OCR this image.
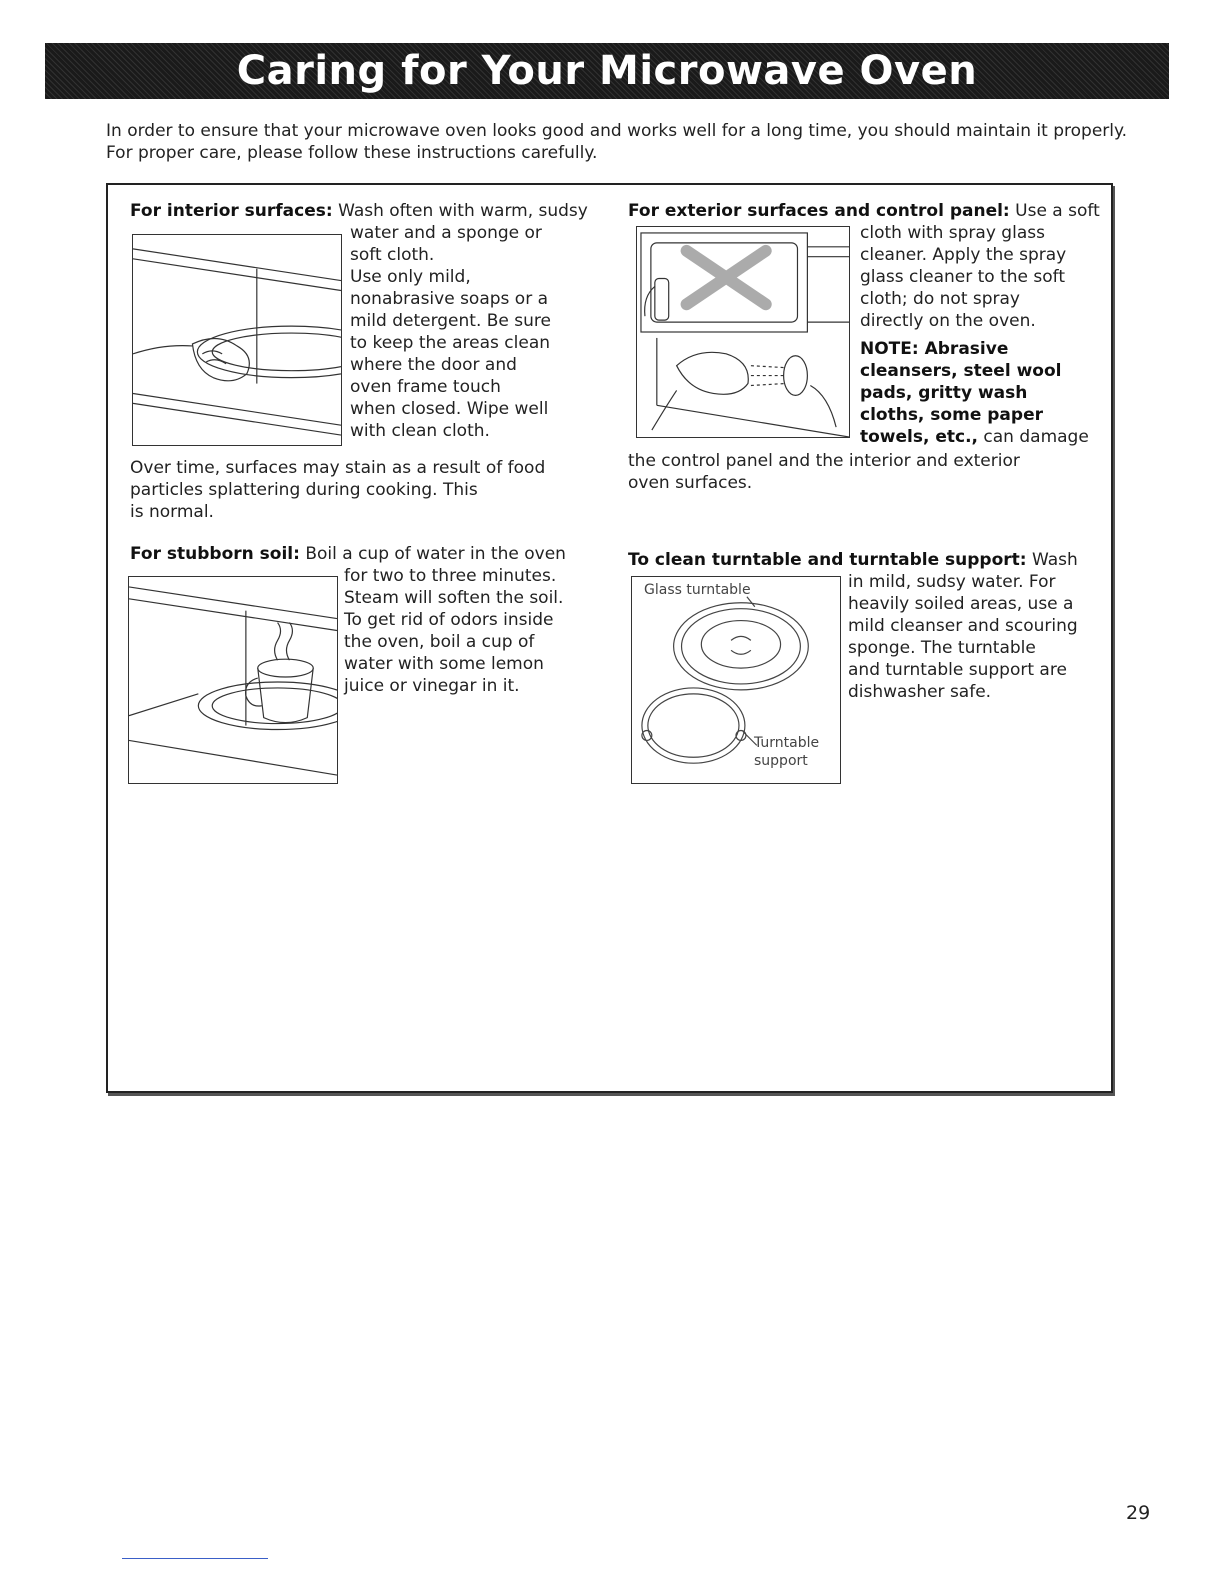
Caring for Your Microwave Oven

In order to ensure that your microwave oven looks good and works well for a long time, you should maintain it properly. For proper care, please follow these instructions carefully.

For interior surfaces: Wash often with warm, sudsy

water and a sponge or
soft cloth.
Use only mild,
nonabrasive soaps or a
mild detergent. Be sure
to keep the areas clean
where the door and
oven frame touch
when closed. Wipe well
with clean cloth.
Over time, surfaces may stain as a result of food
particles splattering during cooking. This
is normal.

For exterior surfaces and control panel: Use a soft

cloth with spray glass
cleaner. Apply the spray
glass cleaner to the soft
cloth; do not spray
directly on the oven.
NOTE: Abrasive
cleansers, steel wool
pads, gritty wash
cloths, some paper
towels, etc., can damage
the control panel and the interior and exterior
oven surfaces.

For stubborn soil: Boil a cup of water in the oven

for two to three minutes.
Steam will soften the soil.
To get rid of odors inside
the oven, boil a cup of
water with some lemon
juice or vinegar in it.

To clean turntable and turntable support: Wash

in mild, sudsy water. For
heavily soiled areas, use a
mild cleanser and scouring
sponge. The turntable
and turntable support are
dishwasher safe.
Glass turntable
Turntable
support
29
